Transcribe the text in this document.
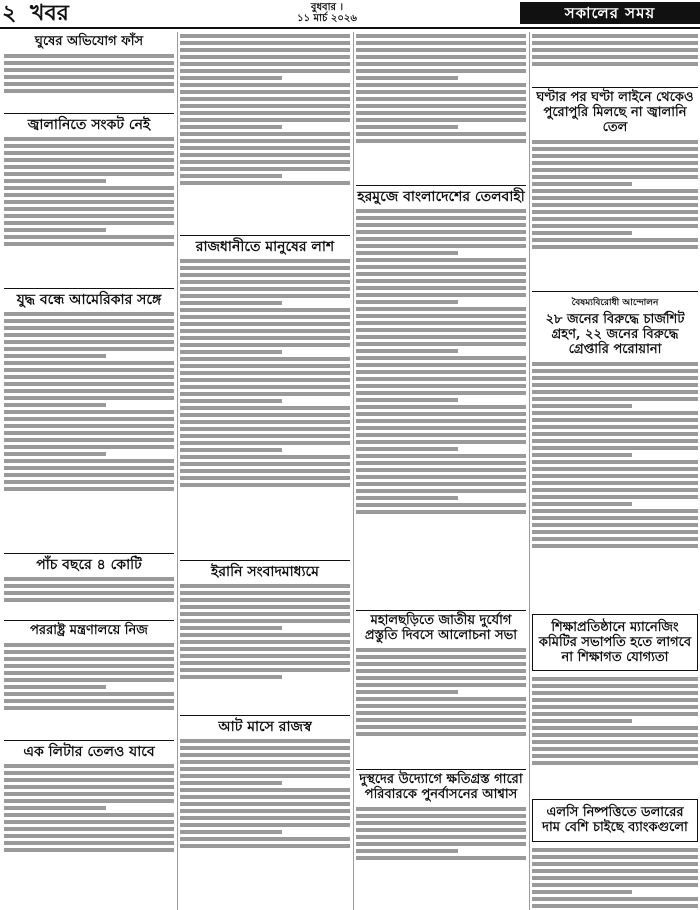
২ খবর	বুধবার ।
১১ মার্চ ২০২৬	সকালের সময়
ঘুষের অভিযোগ ফাঁস
জ্বালানিতে সংকট নেই
যুদ্ধ বন্ধে আমেরিকার সঙ্গে
পাঁচ বছরে ৪ কোটি
পররাষ্ট্র মন্ত্রণালয়ে নিজ
এক লিটার তেলও যাবে
রাজধানীতে মানুষের লাশ
ইরানি সংবাদমাধ্যমে
আট মাসে রাজস্ব
হরমুজে বাংলাদেশের তেলবাহী
মহালছড়িতে জাতীয় দুর্যোগ প্রস্তুতি দিবসে আলোচনা সভা
দুস্থদের উদ্যোগে ক্ষতিগ্রস্ত গারো পরিবারকে পুনর্বাসনের আশ্বাস
ঘণ্টার পর ঘণ্টা লাইনে থেকেও পুরোপুরি মিলছে না জ্বালানি তেল
বৈষম্যবিরোধী আন্দোলন
২৮ জনের বিরুদ্ধে চার্জশিট গ্রহণ, ২২ জনের বিরুদ্ধে গ্রেপ্তারি পরোয়ানা
শিক্ষাপ্রতিষ্ঠানে ম্যানেজিং কমিটির সভাপতি হতে লাগবে না শিক্ষাগত যোগ্যতা
এলসি নিষ্পত্তিতে ডলারের দাম বেশি চাইছে ব্যাংকগুলো
